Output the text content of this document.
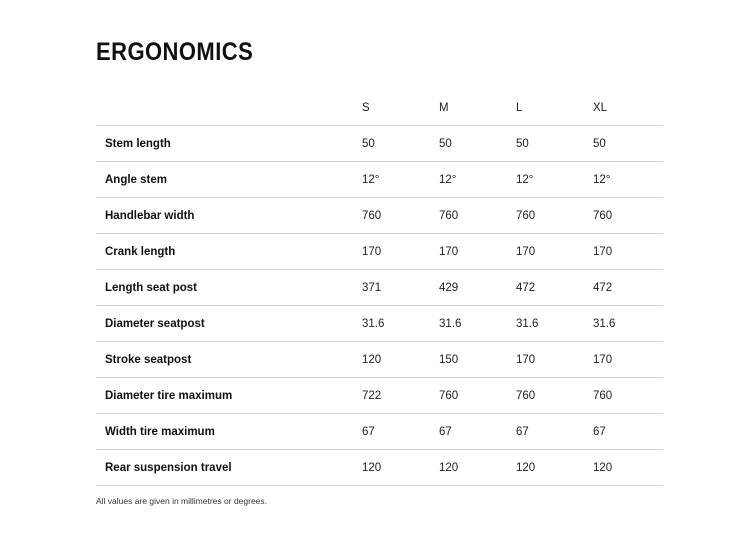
ERGONOMICS
	S	M	L	XL
Stem length	50	50	50	50
Angle stem	12°	12°	12°	12°
Handlebar width	760	760	760	760
Crank length	170	170	170	170
Length seat post	371	429	472	472
Diameter seatpost	31.6	31.6	31.6	31.6
Stroke seatpost	120	150	170	170
Diameter tire maximum	722	760	760	760
Width tire maximum	67	67	67	67
Rear suspension travel	120	120	120	120

All values are given in millimetres or degrees.
